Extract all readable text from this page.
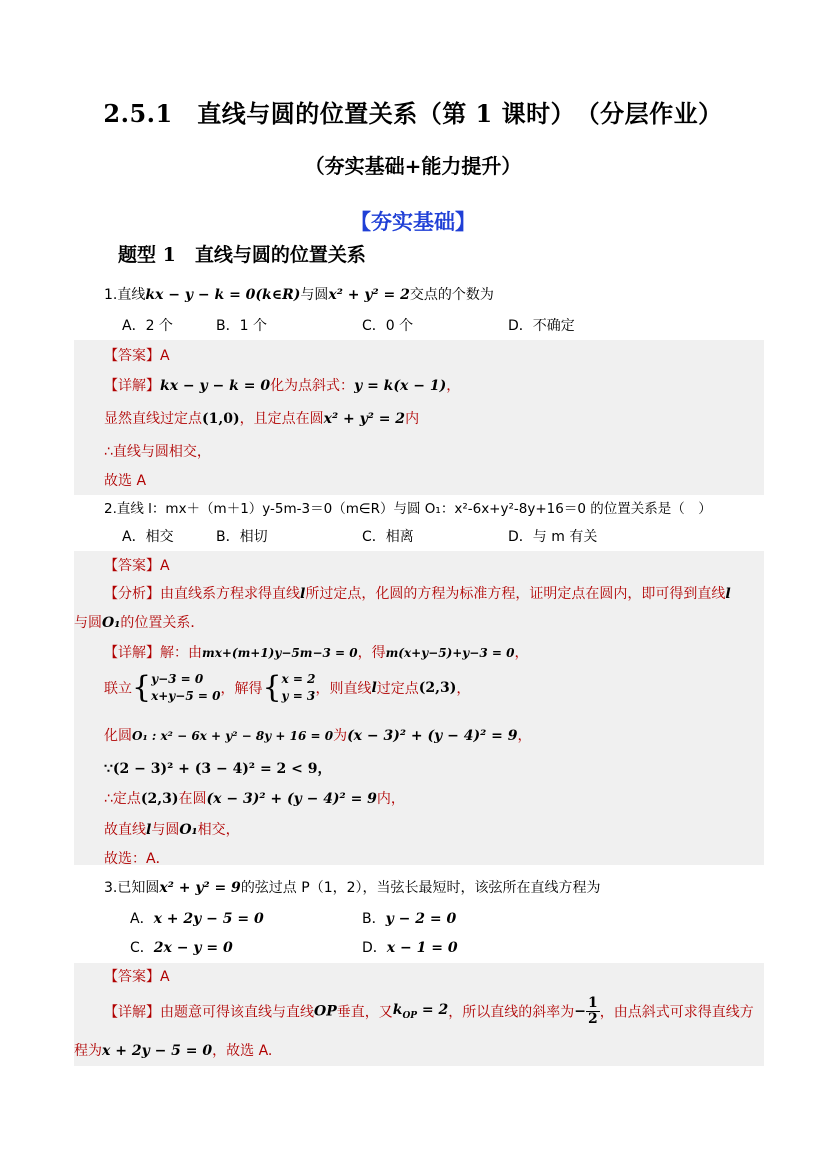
2.5.1　直线与圆的位置关系（第 1 课时）　（分层作业）
（夯实基础+能力提升）
【夯实基础】
题型 1　直线与圆的位置关系
1.直线kx − y − k = 0(k∈R)与圆x² + y² = 2交点的个数为
A．2 个	B．1 个	C．0 个	D．不确定
【答案】A
【详解】kx − y − k = 0化为点斜式：y = k(x − 1)，
显然直线过定点(1,0)，且定点在圆x² + y² = 2内
∴直线与圆相交，
故选 A
2.直线 l：mx＋（m＋1）y-5m-3＝0（m∈R）与圆 O₁：x²-6x+y²-8y+16＝0 的位置关系是（　）
A．相交	B．相切	C．相离	D．与 m 有关
【答案】A
【分析】由直线系方程求得直线l所过定点，化圆的方程为标准方程，证明定点在圆内，即可得到直线l
与圆O₁的位置关系．
【详解】解：由mx+(m+1)y−5m−3 = 0，得m(x+y−5)+y−3 = 0，
联立{ y−3 = 0
x+y−5 = 0 ，解得{ x = 2
y = 3 ，则直线l过定点(2,3)，
化圆O₁ : x² − 6x + y² − 8y + 16 = 0为(x − 3)² + (y − 4)² = 9，
∵(2 − 3)² + (3 − 4)² = 2 < 9，
∴定点(2,3)在圆(x − 3)² + (y − 4)² = 9内，
故直线l与圆O₁相交，
故选：A．
3.已知圆x² + y² = 9的弦过点 P（1，2），当弦长最短时，该弦所在直线方程为
A．x + 2y − 5 = 0	B．y − 2 = 0
C．2x − y = 0	D．x − 1 = 0
【答案】A
【详解】由题意可得该直线与直线OP垂直，又$k_{OP} = 2$，所以直线的斜率为− $\frac{1}{2}$ ，由点斜式可求得直线方
程为x + 2y − 5 = 0，故选 A.
